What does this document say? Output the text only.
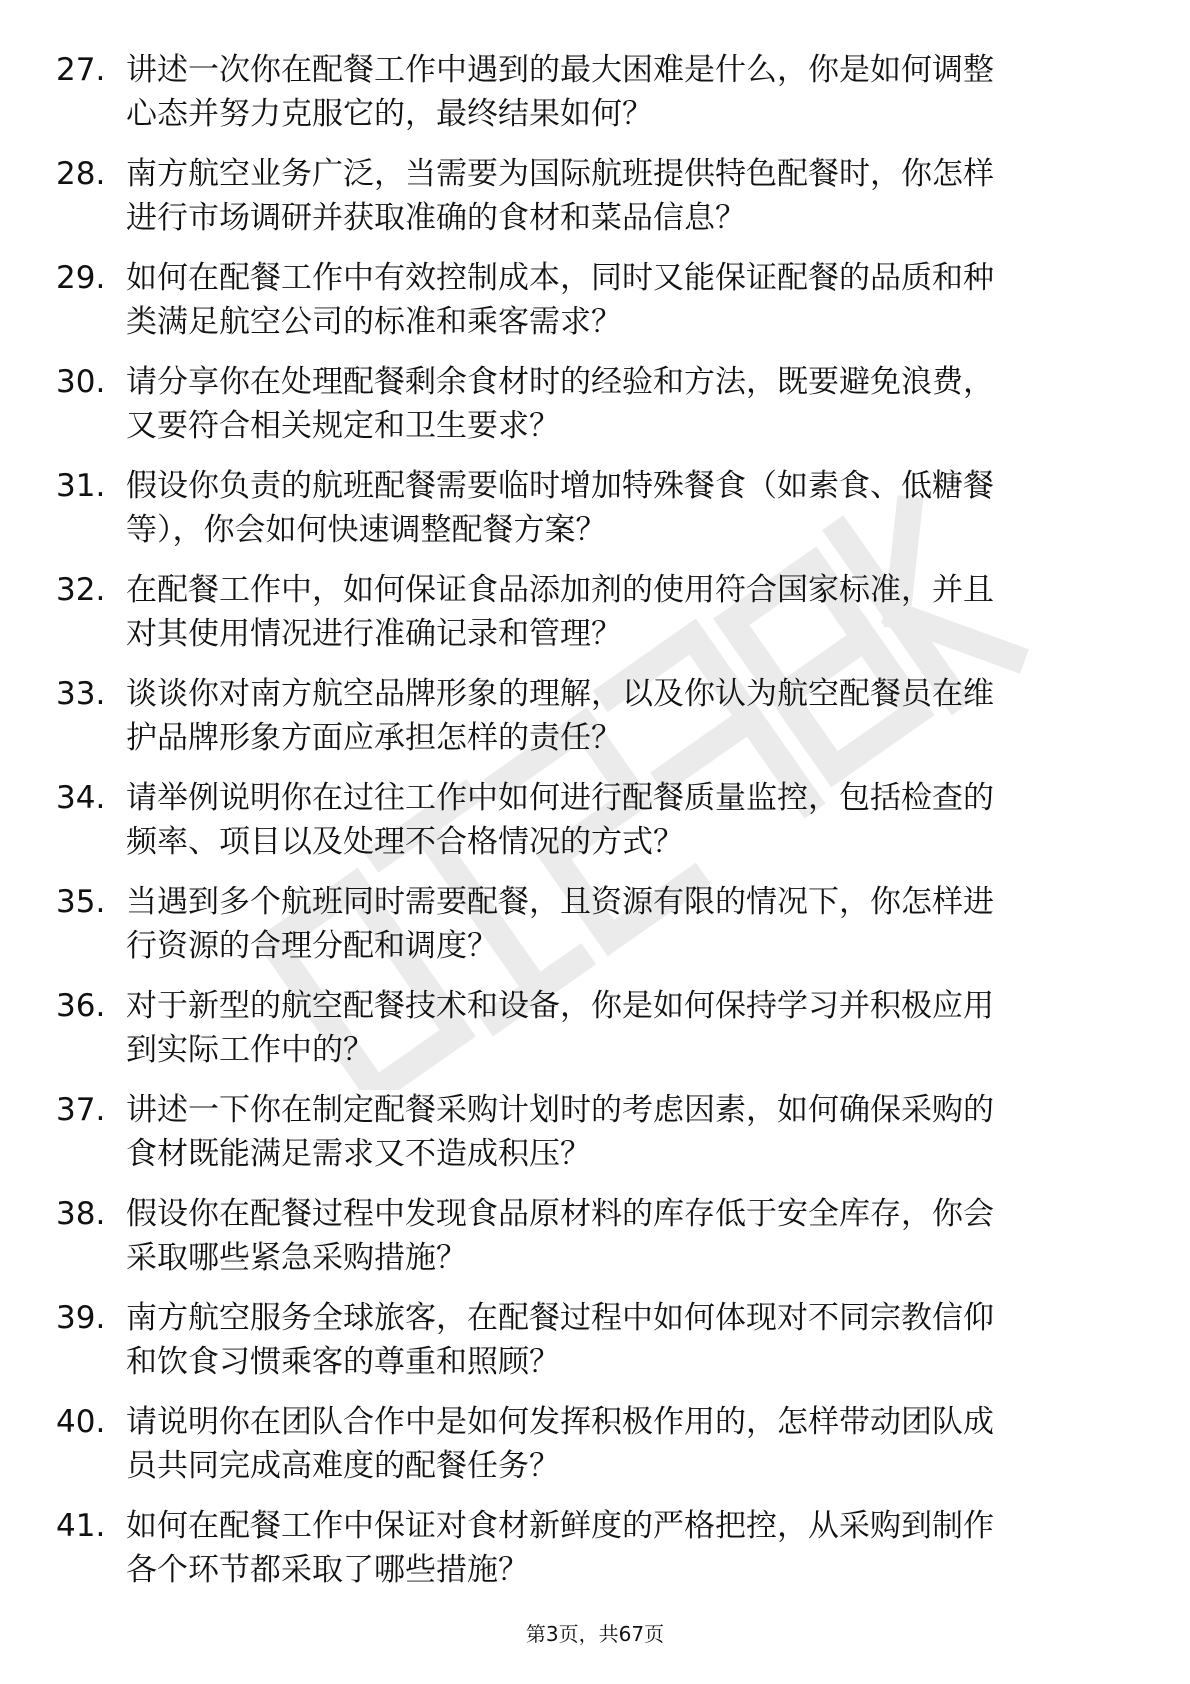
27. 讲述一次你在配餐工作中遇到的最大困难是什么，你是如何调整
心态并努力克服它的，最终结果如何？
28. 南方航空业务广泛，当需要为国际航班提供特色配餐时，你怎样
进行市场调研并获取准确的食材和菜品信息？
29. 如何在配餐工作中有效控制成本，同时又能保证配餐的品质和种
类满足航空公司的标准和乘客需求？
30. 请分享你在处理配餐剩余食材时的经验和方法，既要避免浪费，
又要符合相关规定和卫生要求？
31. 假设你负责的航班配餐需要临时增加特殊餐食（如素食、低糖餐
等），你会如何快速调整配餐方案？
32. 在配餐工作中，如何保证食品添加剂的使用符合国家标准，并且
对其使用情况进行准确记录和管理？
33. 谈谈你对南方航空品牌形象的理解，以及你认为航空配餐员在维
护品牌形象方面应承担怎样的责任？
34. 请举例说明你在过往工作中如何进行配餐质量监控，包括检查的
频率、项目以及处理不合格情况的方式？
35. 当遇到多个航班同时需要配餐，且资源有限的情况下，你怎样进
行资源的合理分配和调度？
36. 对于新型的航空配餐技术和设备，你是如何保持学习并积极应用
到实际工作中的？
37. 讲述一下你在制定配餐采购计划时的考虑因素，如何确保采购的
食材既能满足需求又不造成积压？
38. 假设你在配餐过程中发现食品原材料的库存低于安全库存，你会
采取哪些紧急采购措施？
39. 南方航空服务全球旅客，在配餐过程中如何体现对不同宗教信仰
和饮食习惯乘客的尊重和照顾？
40. 请说明你在团队合作中是如何发挥积极作用的，怎样带动团队成
员共同完成高难度的配餐任务？
41. 如何在配餐工作中保证对食材新鲜度的严格把控，从采购到制作
各个环节都采取了哪些措施？
第3页，共67页
